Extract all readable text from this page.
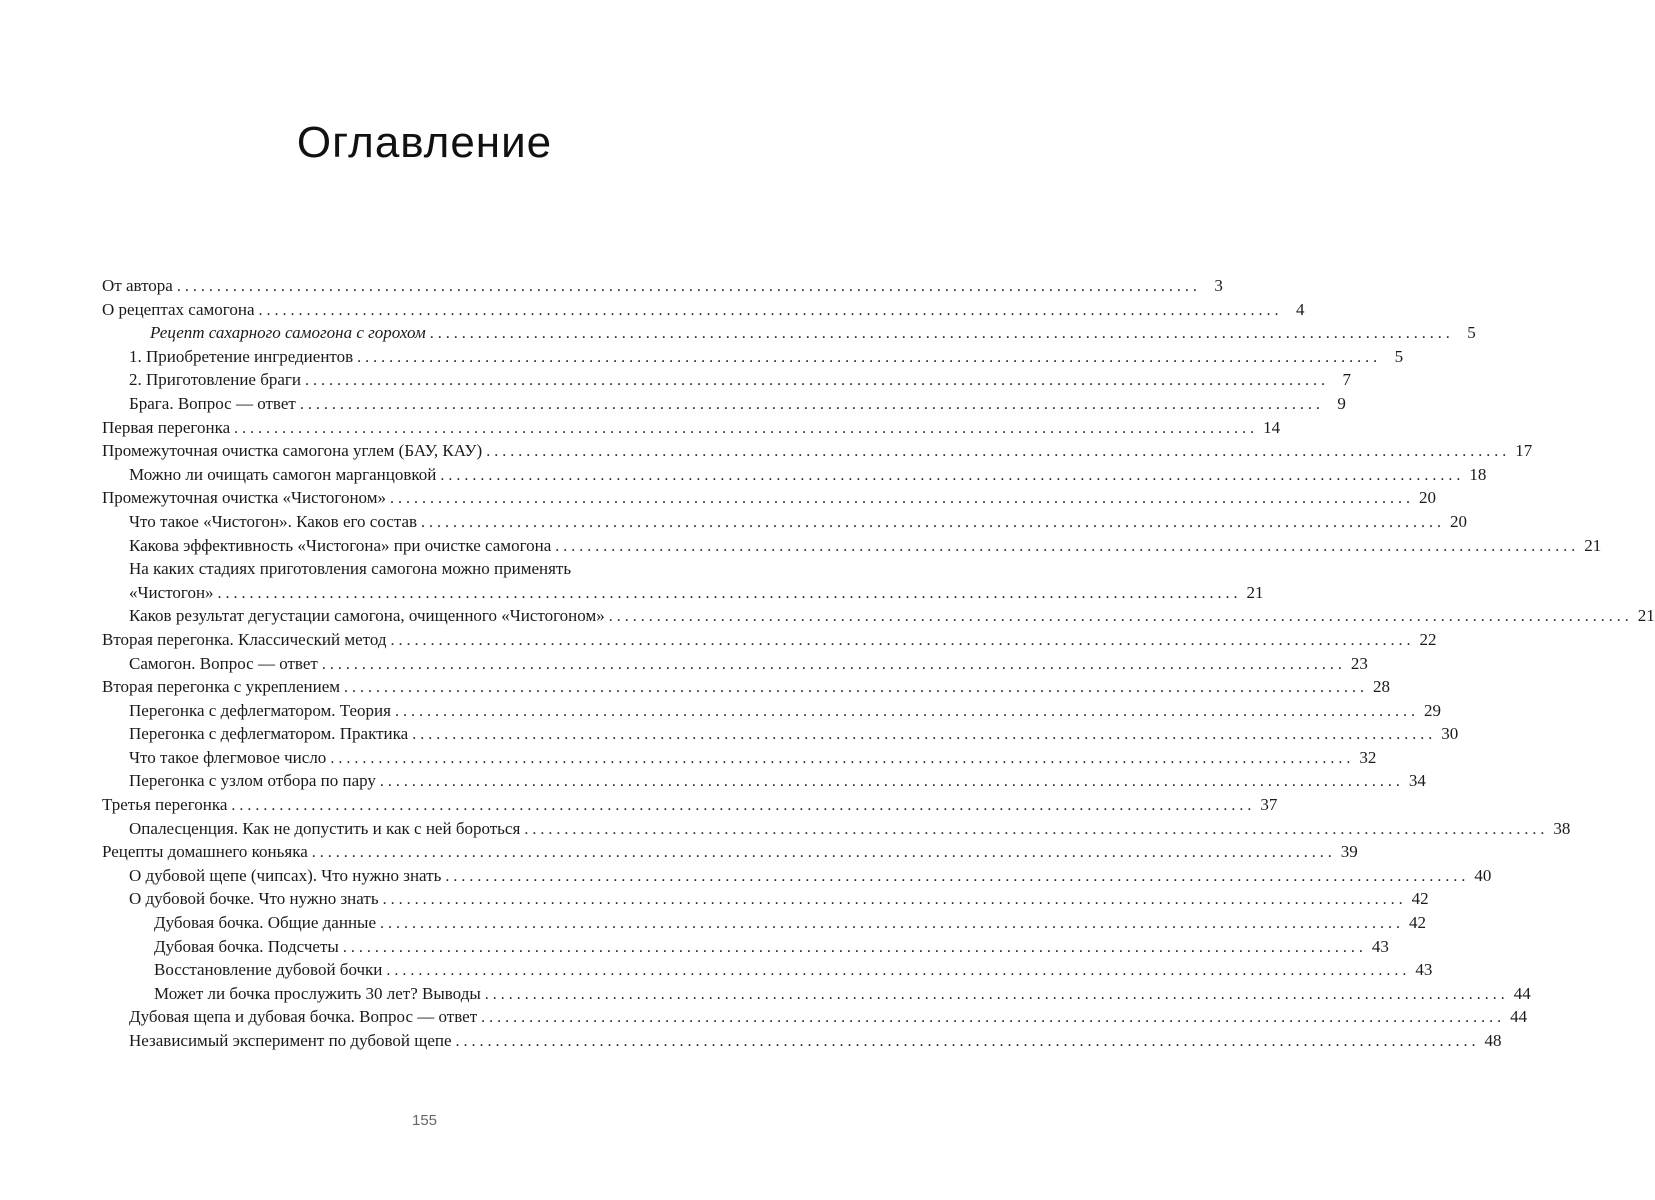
Оглавление
От автора . . .	3
О рецептах самогона . . .	4
Рецепт сахарного самогона с горохом . . .	5
1. Приобретение ингредиентов . . .	5
2. Приготовление браги . . .	7
Брага. Вопрос — ответ . . .	9
Первая перегонка . . .	14
Промежуточная очистка самогона углем (БАУ, КАУ) . . .	17
Можно ли очищать самогон марганцовкой . . .	18
Промежуточная очистка «Чистогоном» . . .	20
Что такое «Чистогон». Каков его состав . . .	20
Какова эффективность «Чистогона» при очистке самогона . . .	21
На каких стадиях приготовления самогона можно применять
«Чистогон» . . .	21
Каков результат дегустации самогона, очищенного «Чистогоном» . . .	21
Вторая перегонка. Классический метод . . .	22
Самогон. Вопрос — ответ . . .	23
Вторая перегонка с укреплением . . .	28
Перегонка с дефлегматором. Теория . . .	29
Перегонка с дефлегматором. Практика . . .	30
Что такое флегмовое число . . .	32
Перегонка с узлом отбора по пару . . .	34
Третья перегонка . . .	37
Опалесценция. Как не допустить и как с ней бороться . . .	38
Рецепты домашнего коньяка . . .	39
О дубовой щепе (чипсах). Что нужно знать . . .	40
О дубовой бочке. Что нужно знать . . .	42
Дубовая бочка. Общие данные . . .	42
Дубовая бочка. Подсчеты . . .	43
Восстановление дубовой бочки . . .	43
Может ли бочка прослужить 30 лет? Выводы . . .	44
Дубовая щепа и дубовая бочка. Вопрос — ответ . . .	44
Независимый эксперимент по дубовой щепе . . .	48
155
